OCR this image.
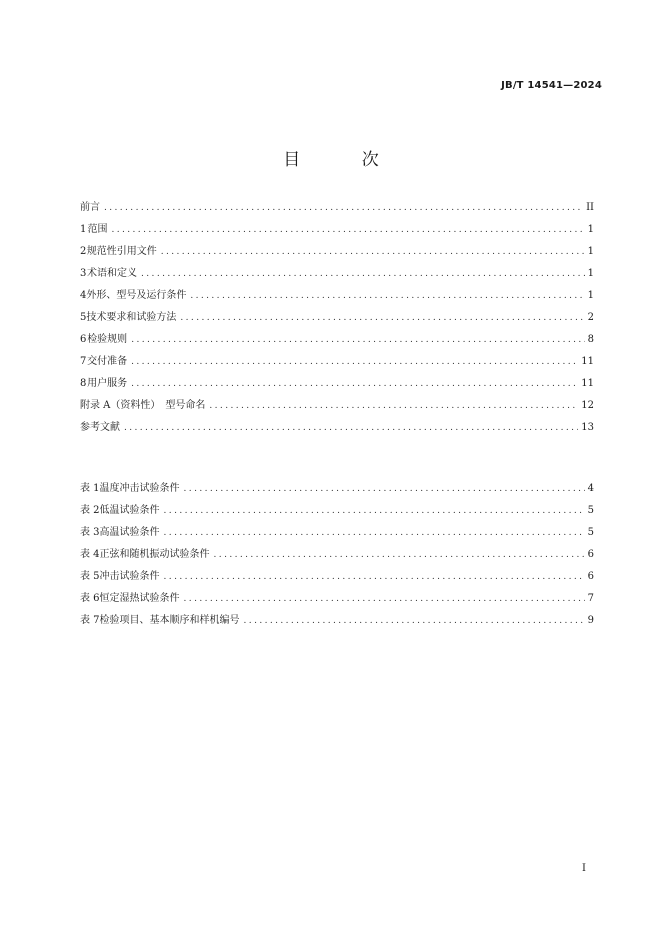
JB/T 14541—2024
目 次
前言 .....	II
1 范围 .....	1
2 规范性引用文件 .....	1
3 术语和定义 .....	1
4 外形、型号及运行条件 .....	1
5 技术要求和试验方法 .....	2
6 检验规则 .....	8
7 交付准备 .....	11
8 用户服务 .....	11
附录 A（资料性）　型号命名 .....	12
参考文献 .....	13
表 1 温度冲击试验条件 .....	4
表 2 低温试验条件 .....	5
表 3 高温试验条件 .....	5
表 4 正弦和随机振动试验条件 .....	6
表 5 冲击试验条件 .....	6
表 6 恒定湿热试验条件 .....	7
表 7 检验项目、基本顺序和样机编号 .....	9
I
